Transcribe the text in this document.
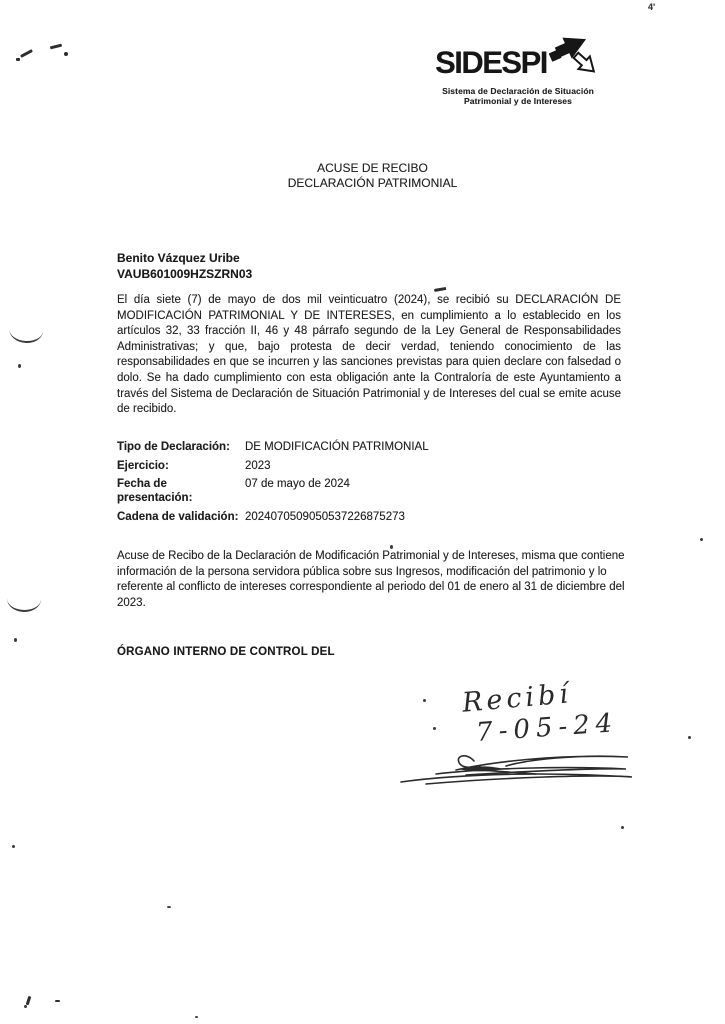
4'
SIDESPI
Sistema de Declaración de Situación
Patrimonial y de Intereses
ACUSE DE RECIBO
DECLARACIÓN PATRIMONIAL
Benito Vázquez Uribe
VAUB601009HZSZRN03
El día siete (7) de mayo de dos mil veinticuatro (2024), se recibió su DECLARACIÓN DE MODIFICACIÓN PATRIMONIAL Y DE INTERESES, en cumplimiento a lo establecido en los artículos 32, 33 fracción II, 46 y 48 párrafo segundo de la Ley General de Responsabilidades Administrativas; y que, bajo protesta de decir verdad, teniendo conocimiento de las responsabilidades en que se incurren y las sanciones previstas para quien declare con falsedad o dolo. Se ha dado cumplimiento con esta obligación ante la Contraloría de este Ayuntamiento a través del Sistema de Declaración de Situación Patrimonial y de Intereses del cual se emite acuse de recibido.
Tipo de Declaración:	DE MODIFICACIÓN PATRIMONIAL
Ejercicio:	2023
Fecha de presentación:
07 de mayo de 2024
Cadena de validación: 2024070509050537226875273
Acuse de Recibo de la Declaración de Modificación Patrimonial y de Intereses, misma que contiene información de la persona servidora pública sobre sus Ingresos, modificación del patrimonio y lo referente al conflicto de intereses correspondiente al periodo del 01 de enero al 31 de diciembre del 2023.
ÓRGANO INTERNO DE CONTROL DEL
Recibí
7-05-24
